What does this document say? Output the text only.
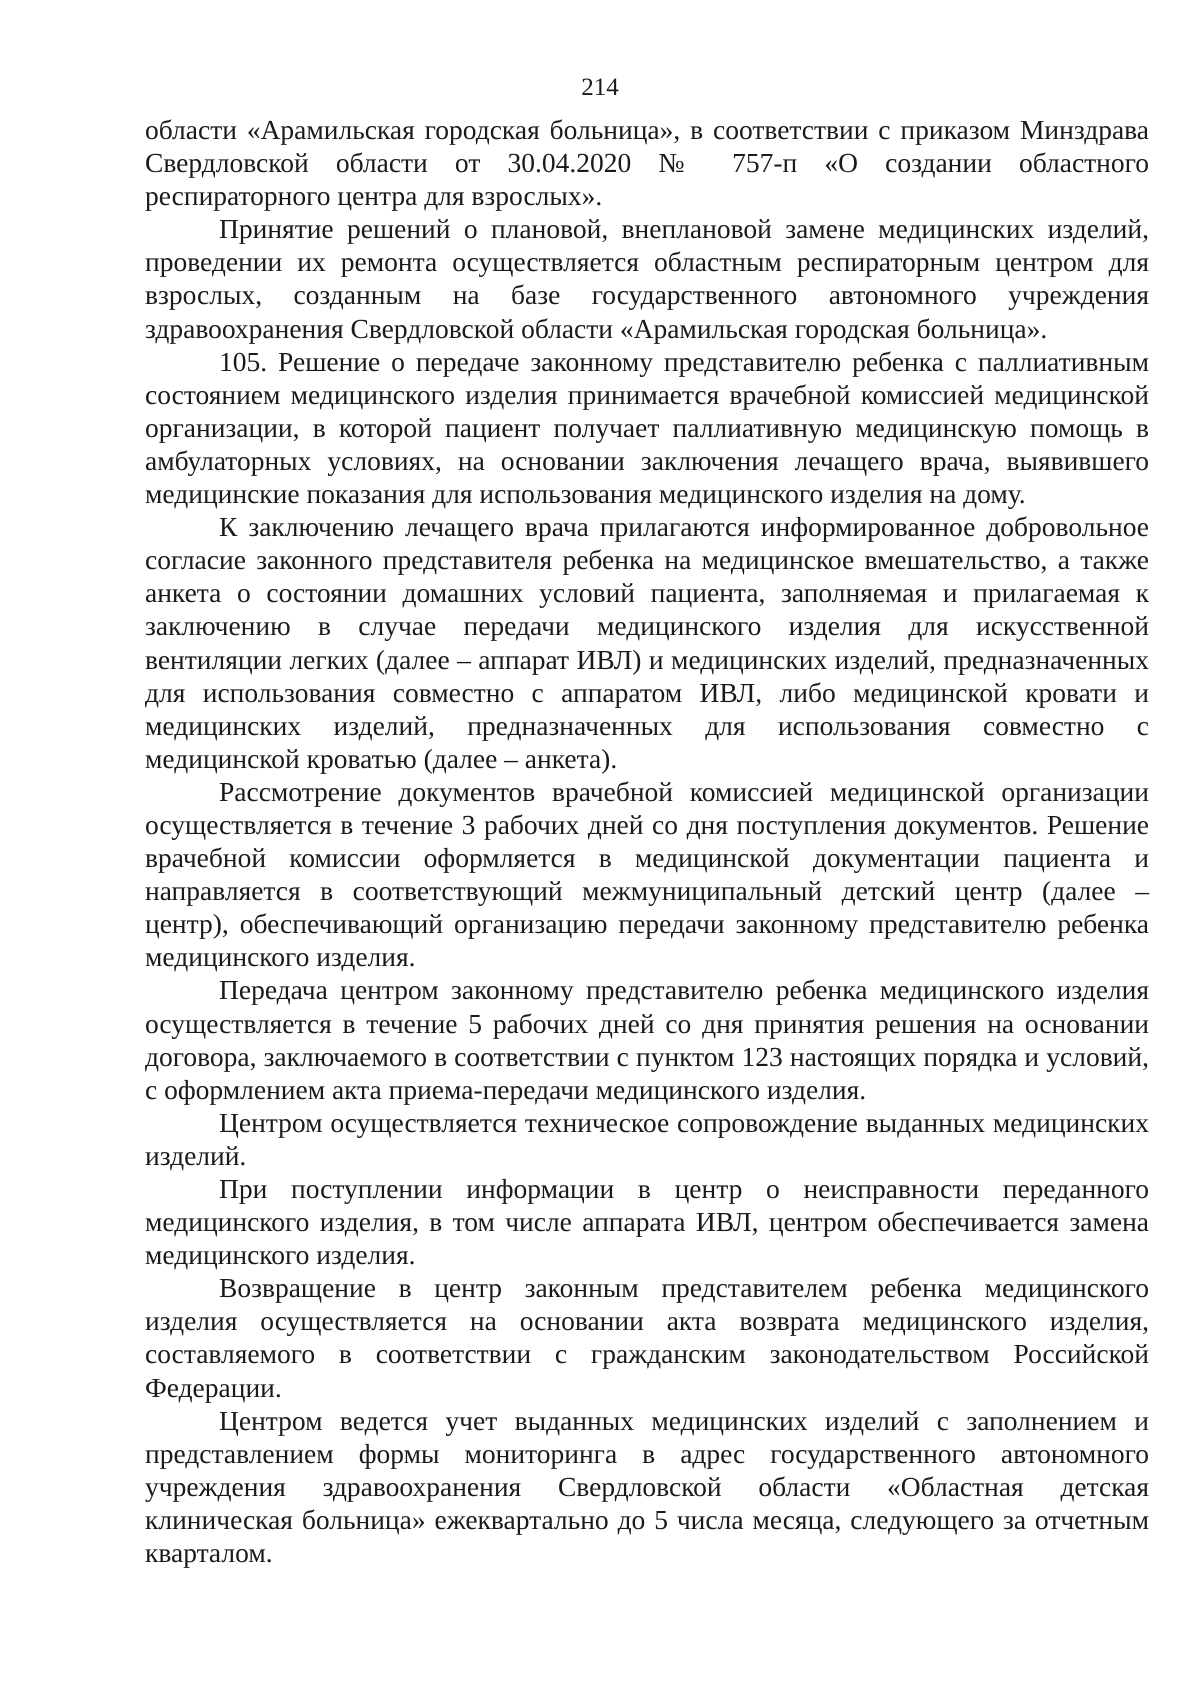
214

области «Арамильская городская больница», в соответствии с приказом Минздрава Свердловской области от 30.04.2020 № 757-п «О создании областного респираторного центра для взрослых».

Принятие решений о плановой, внеплановой замене медицинских изделий, проведении их ремонта осуществляется областным респираторным центром для взрослых, созданным на базе государственного автономного учреждения здравоохранения Свердловской области «Арамильская городская больница».

105. Решение о передаче законному представителю ребенка с паллиативным состоянием медицинского изделия принимается врачебной комиссией медицинской организации, в которой пациент получает паллиативную медицинскую помощь в амбулаторных условиях, на основании заключения лечащего врача, выявившего медицинские показания для использования медицинского изделия на дому.

К заключению лечащего врача прилагаются информированное добровольное согласие законного представителя ребенка на медицинское вмешательство, а также анкета о состоянии домашних условий пациента, заполняемая и прилагаемая к заключению в случае передачи медицинского изделия для искусственной вентиляции легких (далее – аппарат ИВЛ) и медицинских изделий, предназначенных для использования совместно с аппаратом ИВЛ, либо медицинской кровати и медицинских изделий, предназначенных для использования совместно с медицинской кроватью (далее – анкета).

Рассмотрение документов врачебной комиссией медицинской организации осуществляется в течение 3 рабочих дней со дня поступления документов. Решение врачебной комиссии оформляется в медицинской документации пациента и направляется в соответствующий межмуниципальный детский центр (далее – центр), обеспечивающий организацию передачи законному представителю ребенка медицинского изделия.

Передача центром законному представителю ребенка медицинского изделия осуществляется в течение 5 рабочих дней со дня принятия решения на основании договора, заключаемого в соответствии с пунктом 123 настоящих порядка и условий, с оформлением акта приема-передачи медицинского изделия.

Центром осуществляется техническое сопровождение выданных медицинских изделий.

При поступлении информации в центр о неисправности переданного медицинского изделия, в том числе аппарата ИВЛ, центром обеспечивается замена медицинского изделия.

Возвращение в центр законным представителем ребенка медицинского изделия осуществляется на основании акта возврата медицинского изделия, составляемого в соответствии с гражданским законодательством Российской Федерации.

Центром ведется учет выданных медицинских изделий с заполнением и представлением формы мониторинга в адрес государственного автономного учреждения здравоохранения Свердловской области «Областная детская клиническая больница» ежеквартально до 5 числа месяца, следующего за отчетным кварталом.
